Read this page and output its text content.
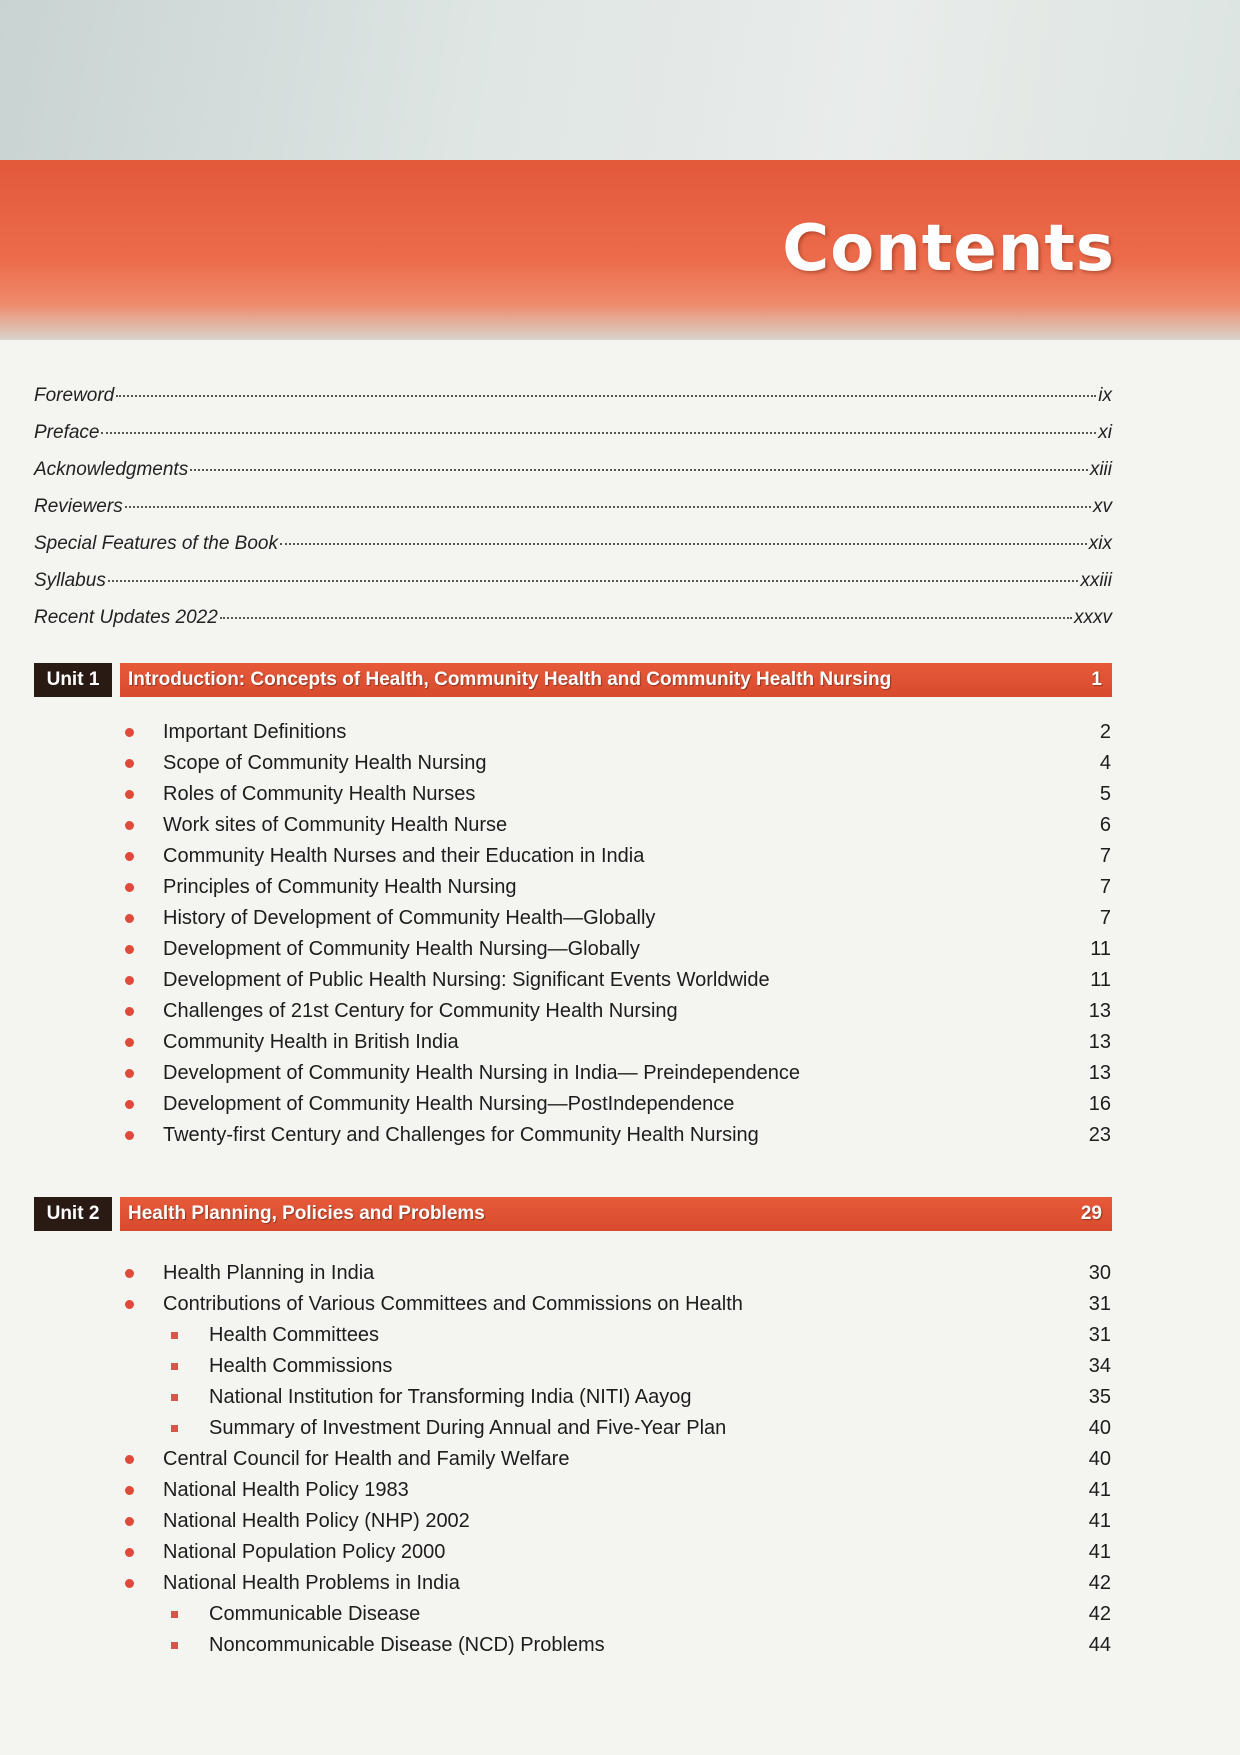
Contents
Foreword	ix
Preface	xi
Acknowledgments	xiii
Reviewers	xv
Special Features of the Book	xix
Syllabus	xxiii
Recent Updates 2022	xxxv
Unit 1	Introduction: Concepts of Health, Community Health and Community Health Nursing	1
Important Definitions	2
Scope of Community Health Nursing	4
Roles of Community Health Nurses	5
Work sites of Community Health Nurse	6
Community Health Nurses and their Education in India	7
Principles of Community Health Nursing	7
History of Development of Community Health—Globally	7
Development of Community Health Nursing—Globally	11
Development of Public Health Nursing: Significant Events Worldwide	11
Challenges of 21st Century for Community Health Nursing	13
Community Health in British India	13
Development of Community Health Nursing in India— Preindependence	13
Development of Community Health Nursing—PostIndependence	16
Twenty-first Century and Challenges for Community Health Nursing	23
Unit 2	Health Planning, Policies and Problems	29
Health Planning in India	30
Contributions of Various Committees and Commissions on Health	31
Health Committees	31
Health Commissions	34
National Institution for Transforming India (NITI) Aayog	35
Summary of Investment During Annual and Five-Year Plan	40
Central Council for Health and Family Welfare	40
National Health Policy 1983	41
National Health Policy (NHP) 2002	41
National Population Policy 2000	41
National Health Problems in India	42
Communicable Disease	42
Noncommunicable Disease (NCD) Problems	44
